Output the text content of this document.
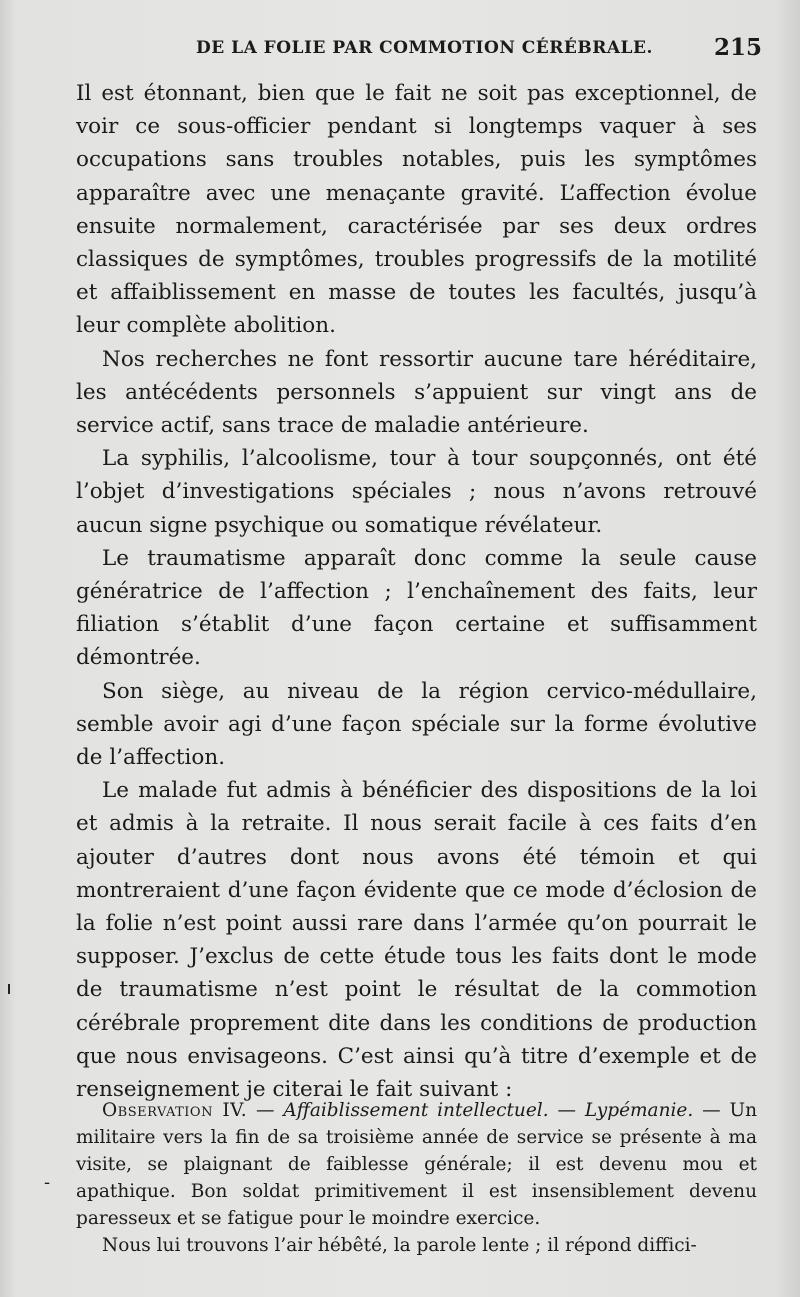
DE LA FOLIE PAR COMMOTION CÉRÉBRALE.	215

Il est étonnant, bien que le fait ne soit pas exceptionnel, de voir ce sous-officier pendant si longtemps vaquer à ses occupations sans troubles notables, puis les symptômes apparaître avec une menaçante gravité. L’affection évolue ensuite normalement, caractérisée par ses deux ordres classiques de symptômes, troubles progressifs de la motilité et affaiblissement en masse de toutes les facultés, jusqu’à leur complète abolition.

Nos recherches ne font ressortir aucune tare héréditaire, les antécédents personnels s’appuient sur vingt ans de service actif, sans trace de maladie antérieure.

La syphilis, l’alcoolisme, tour à tour soupçonnés, ont été l’objet d’investigations spéciales ; nous n’avons retrouvé aucun signe psychique ou somatique révélateur.

Le traumatisme apparaît donc comme la seule cause génératrice de l’affection ; l’enchaînement des faits, leur filiation s’établit d’une façon certaine et suffisamment démontrée.

Son siège, au niveau de la région cervico-médullaire, semble avoir agi d’une façon spéciale sur la forme évolutive de l’affection.

Le malade fut admis à bénéficier des dispositions de la loi et admis à la retraite. Il nous serait facile à ces faits d’en ajouter d’autres dont nous avons été témoin et qui montreraient d’une façon évidente que ce mode d’éclosion de la folie n’est point aussi rare dans l’armée qu’on pourrait le supposer. J’exclus de cette étude tous les faits dont le mode de traumatisme n’est point le résultat de la commotion cérébrale proprement dite dans les conditions de production que nous envisageons. C’est ainsi qu’à titre d’exemple et de renseignement je citerai le fait suivant :

Observation IV. — Affaiblissement intellectuel. — Lypémanie. — Un militaire vers la fin de sa troisième année de service se présente à ma visite, se plaignant de faiblesse générale; il est devenu mou et apathique. Bon soldat primitivement il est insensiblement devenu paresseux et se fatigue pour le moindre exercice.

Nous lui trouvons l’air hébêté, la parole lente ; il répond diffici-

-
